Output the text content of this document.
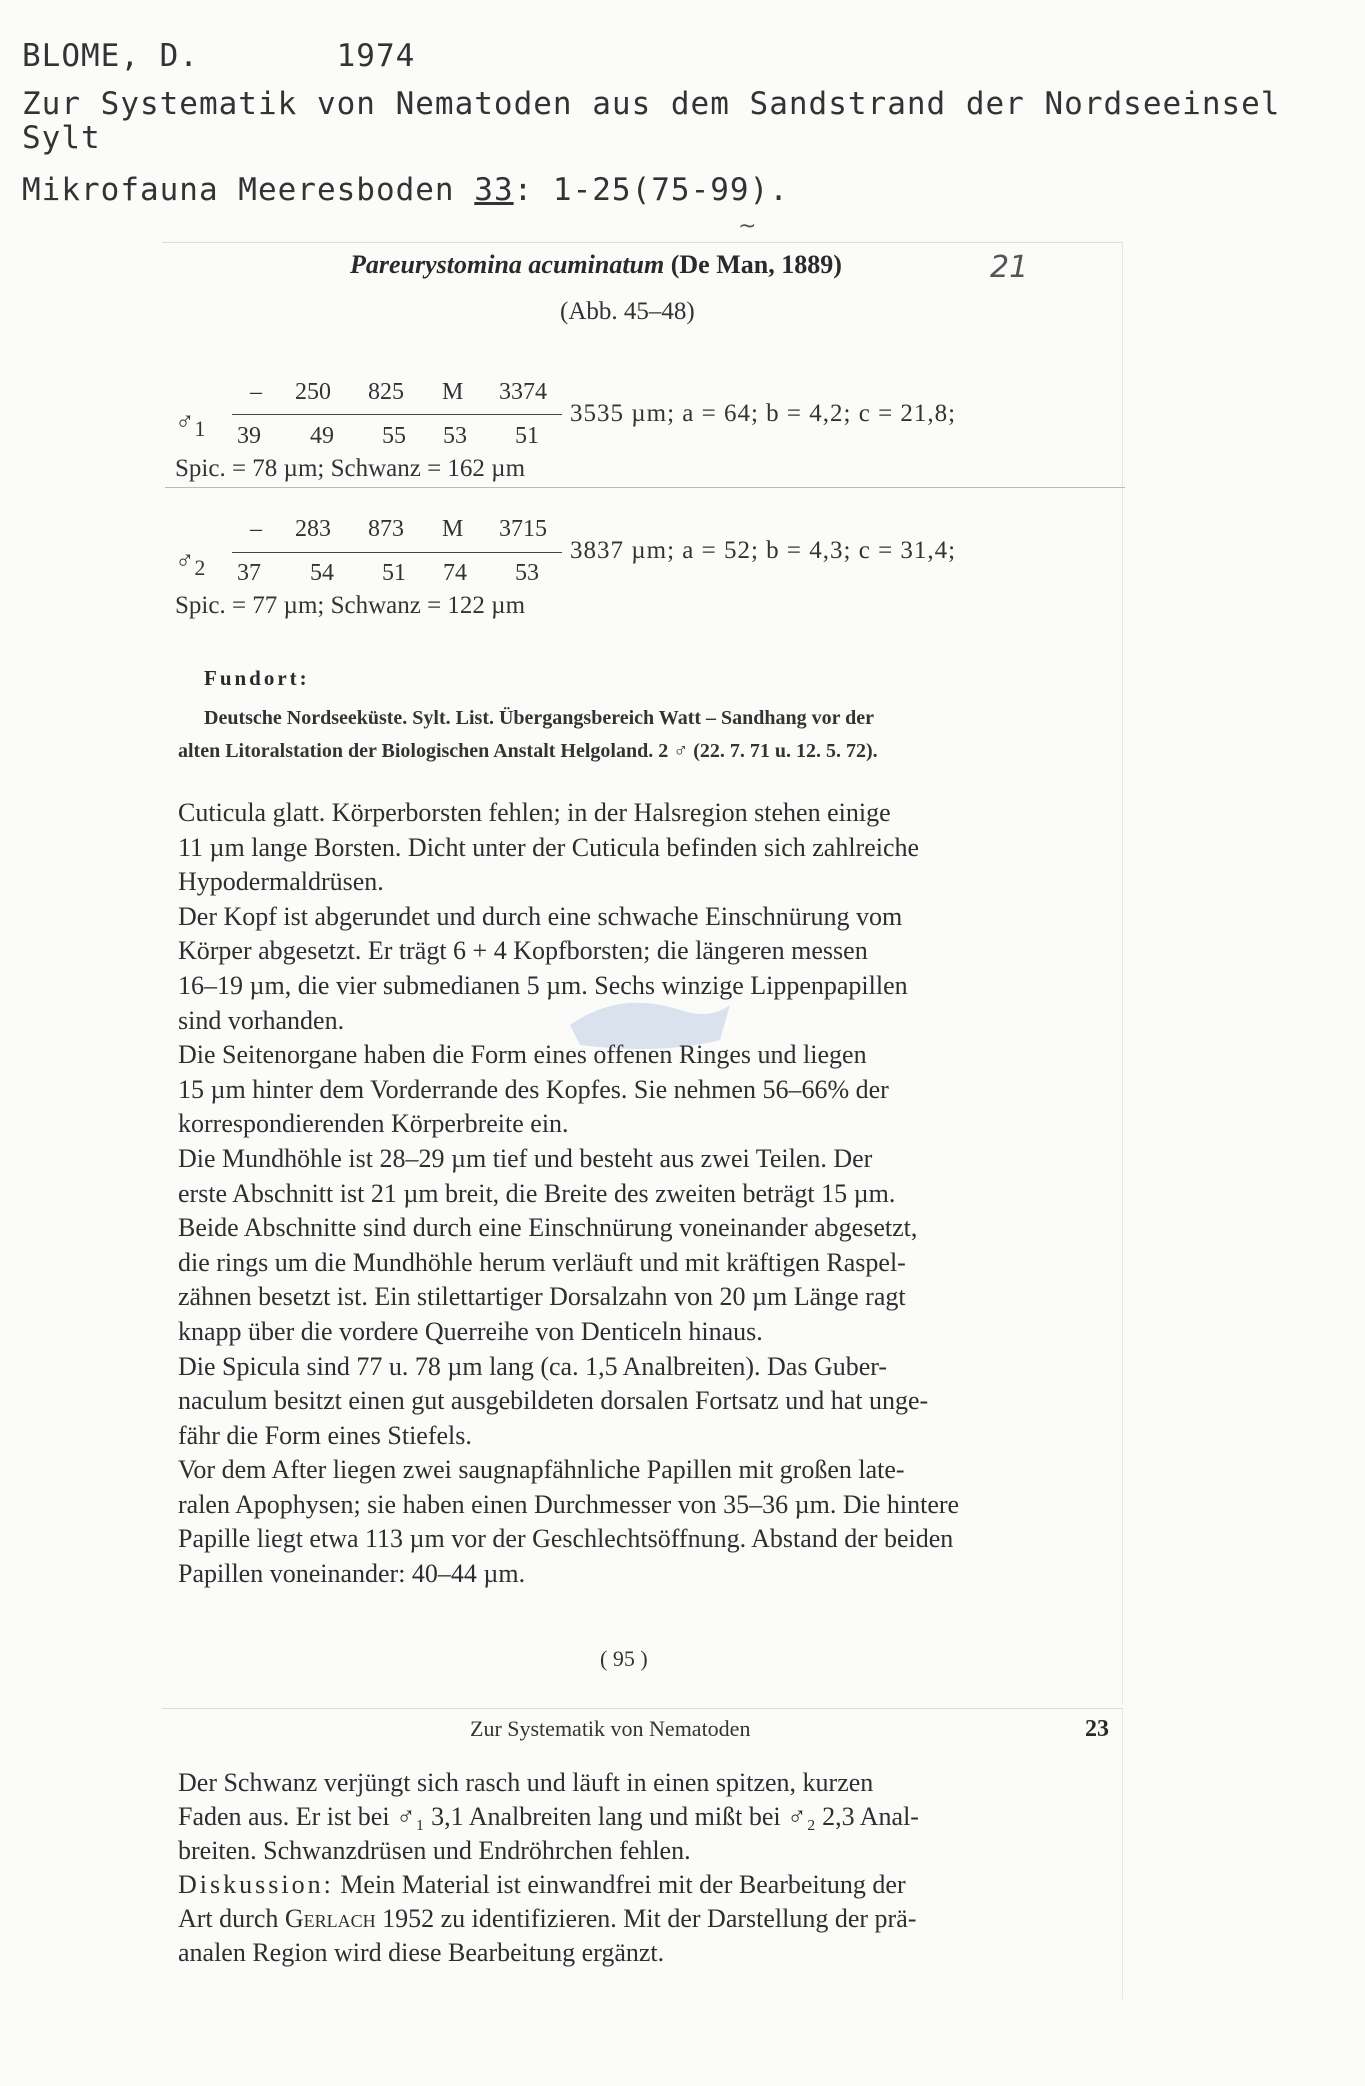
BLOME, D.	1974
Zur Systematik von Nematoden aus dem Sandstrand der Nordseeinsel
Sylt
Mikrofauna Meeresboden 33: 1-25(75-99).
~
Pareurystomina acuminatum (De Man, 1889)	21
(Abb. 45–48)
$♂_1$
– 250 825 M 3374
39 49 55 53 51
3535 µm; a = 64; b = 4,2; c = 21,8;
Spic. = 78 µm; Schwanz = 162 µm
$♂_2$
– 283 873 M 3715
37 54 51 74 53
3837 µm; a = 52; b = 4,3; c = 31,4;
Spic. = 77 µm; Schwanz = 122 µm
Fundort:
Deutsche Nordseeküste. Sylt. List. Übergangsbereich Watt – Sandhang vor der
alten Litoralstation der Biologischen Anstalt Helgoland. 2 ♂ (22. 7. 71 u. 12. 5. 72).
Cuticula glatt. Körperborsten fehlen; in der Halsregion stehen einige
11 µm lange Borsten. Dicht unter der Cuticula befinden sich zahlreiche
Hypodermaldrüsen.
Der Kopf ist abgerundet und durch eine schwache Einschnürung vom
Körper abgesetzt. Er trägt 6 + 4 Kopfborsten; die längeren messen
16–19 µm, die vier submedianen 5 µm. Sechs winzige Lippenpapillen
sind vorhanden.
Die Seitenorgane haben die Form eines offenen Ringes und liegen
15 µm hinter dem Vorderrande des Kopfes. Sie nehmen 56–66% der
korrespondierenden Körperbreite ein.
Die Mundhöhle ist 28–29 µm tief und besteht aus zwei Teilen. Der
erste Abschnitt ist 21 µm breit, die Breite des zweiten beträgt 15 µm.
Beide Abschnitte sind durch eine Einschnürung voneinander abgesetzt,
die rings um die Mundhöhle herum verläuft und mit kräftigen Raspel-
zähnen besetzt ist. Ein stilettartiger Dorsalzahn von 20 µm Länge ragt
knapp über die vordere Querreihe von Denticeln hinaus.
Die Spicula sind 77 u. 78 µm lang (ca. 1,5 Analbreiten). Das Guber-
naculum besitzt einen gut ausgebildeten dorsalen Fortsatz und hat unge-
fähr die Form eines Stiefels.
Vor dem After liegen zwei saugnapfähnliche Papillen mit großen late-
ralen Apophysen; sie haben einen Durchmesser von 35–36 µm. Die hintere
Papille liegt etwa 113 µm vor der Geschlechtsöffnung. Abstand der beiden
Papillen voneinander: 40–44 µm.
( 95 )
Zur Systematik von Nematoden	23
Der Schwanz verjüngt sich rasch und läuft in einen spitzen, kurzen
Faden aus. Er ist bei ♂₁ 3,1 Analbreiten lang und mißt bei ♂₂ 2,3 Anal-
breiten. Schwanzdrüsen und Endröhrchen fehlen.
Diskussion: Mein Material ist einwandfrei mit der Bearbeitung der
Art durch Gerlach 1952 zu identifizieren. Mit der Darstellung der prä-
analen Region wird diese Bearbeitung ergänzt.
